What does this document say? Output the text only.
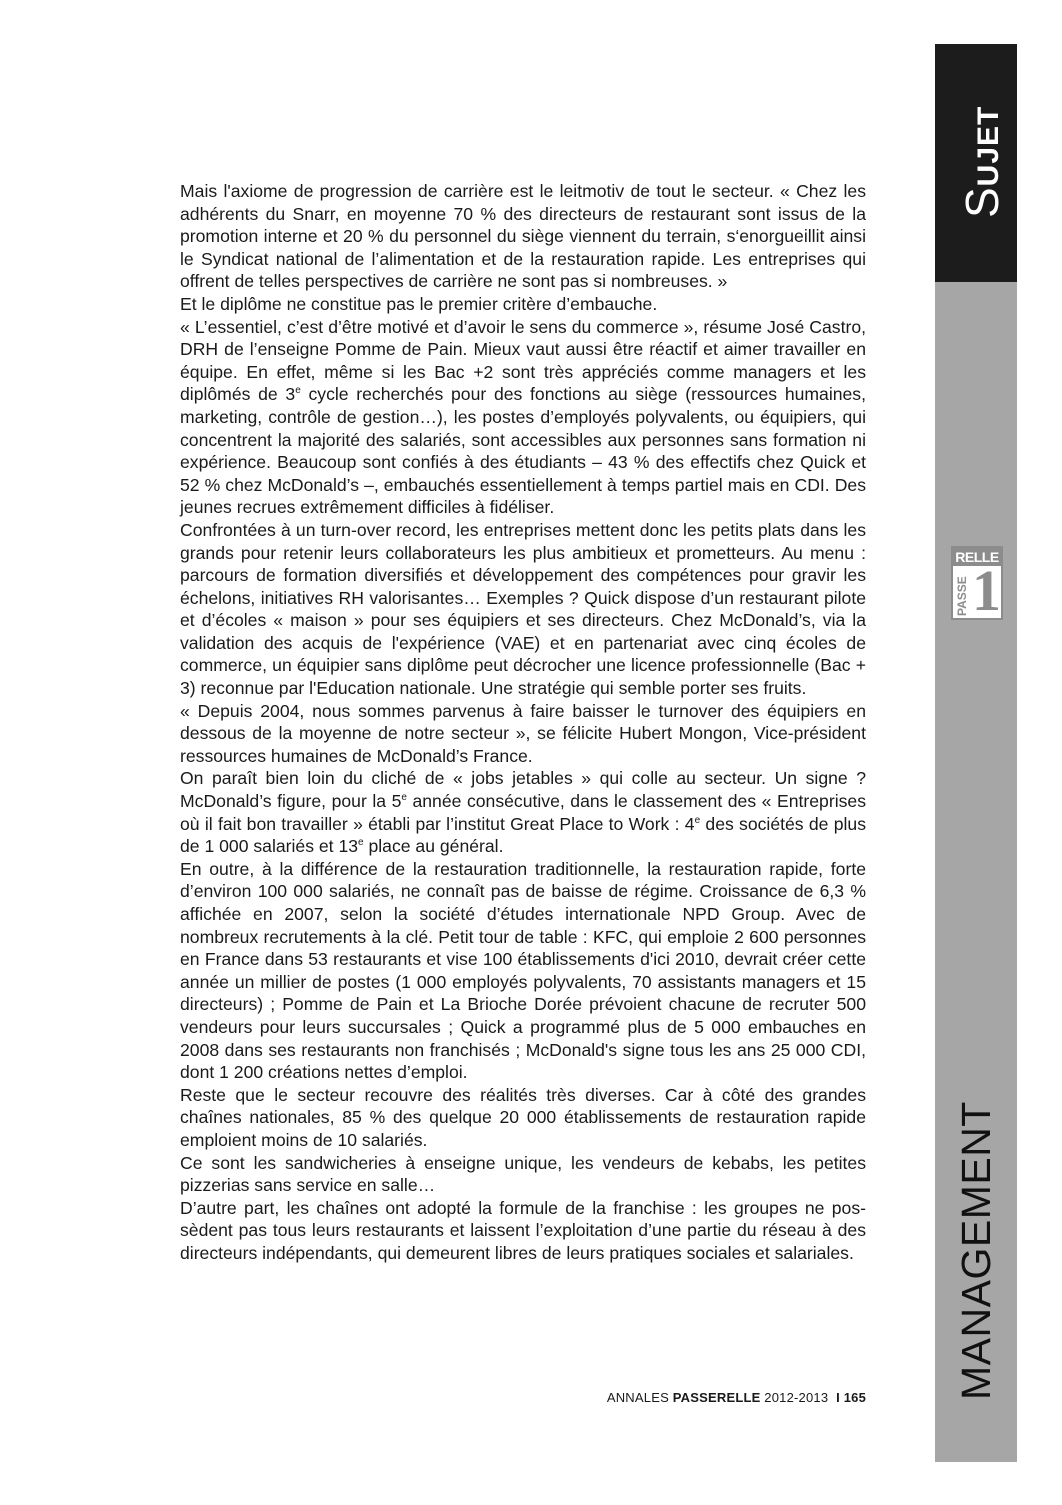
Mais l'axiome de progression de carrière est le leitmotiv de tout le secteur. « Chez les adhérents du Snarr, en moyenne 70 % des directeurs de restaurant sont issus de la promotion interne et 20 % du personnel du siège viennent du terrain, s‘enorgueillit ainsi le Syndicat national de l’alimentation et de la restauration rapide. Les entreprises qui offrent de telles perspectives de carrière ne sont pas si nombreuses. »

Et le diplôme ne constitue pas le premier critère d’embauche.

« L’essentiel, c’est d’être motivé et d’avoir le sens du commerce », résume José Castro, DRH de l’enseigne Pomme de Pain. Mieux vaut aussi être réactif et aimer travailler en équipe. En effet, même si les Bac +2 sont très appréciés comme managers et les diplômés de 3e cycle recherchés pour des fonctions au siège (ressources humaines, marketing, contrôle de gestion…), les postes d’employés polyvalents, ou équipiers, qui concentrent la majorité des salariés, sont accessibles aux personnes sans formation ni expérience. Beaucoup sont confiés à des étudiants – 43 % des effectifs chez Quick et 52 % chez McDonald’s –, embauchés essentiellement à temps partiel mais en CDI. Des jeunes recrues extrêmement difficiles à fidéliser.

Confrontées à un turn-over record, les entreprises mettent donc les petits plats dans les grands pour retenir leurs collaborateurs les plus ambitieux et prometteurs. Au menu : parcours de formation diversifiés et développement des compétences pour gravir les échelons, initiatives RH valorisantes… Exemples ? Quick dispose d’un restaurant pilote et d’écoles « maison » pour ses équipiers et ses directeurs. Chez McDonald’s, via la validation des acquis de l'expérience (VAE) et en partenariat avec cinq écoles de commerce, un équipier sans diplôme peut décrocher une licence professionnelle (Bac + 3) reconnue par l'Education nationale. Une stratégie qui semble porter ses fruits.

« Depuis 2004, nous sommes parvenus à faire baisser le turnover des équipiers en dessous de la moyenne de notre secteur », se félicite Hubert Mongon, Vice-président ressources humaines de McDonald’s France.

On paraît bien loin du cliché de « jobs jetables » qui colle au secteur. Un signe ? McDonald’s figure, pour la 5e année consécutive, dans le classement des « Entreprises où il fait bon travailler » établi par l’institut Great Place to Work : 4e des sociétés de plus de 1 000 salariés et 13e place au général.

En outre, à la différence de la restauration traditionnelle, la restauration rapide, forte d’environ 100 000 salariés, ne connaît pas de baisse de régime. Croissance de 6,3 % affichée en 2007, selon la société d’études internationale NPD Group. Avec de nombreux recrutements à la clé. Petit tour de table : KFC, qui emploie 2 600 personnes en France dans 53 restaurants et vise 100 établissements d'ici 2010, devrait créer cette année un millier de postes (1 000 employés polyvalents, 70 assistants managers et 15 directeurs) ; Pomme de Pain et La Brioche Dorée prévoient chacune de recruter 500 vendeurs pour leurs succursales ; Quick a programmé plus de 5 000 embauches en 2008 dans ses restaurants non franchisés ; McDonald's signe tous les ans 25 000 CDI, dont 1 200 créations nettes d’emploi.

Reste que le secteur recouvre des réalités très diverses. Car à côté des grandes chaînes nationales, 85 % des quelque 20 000 établissements de restauration rapide emploient moins de 10 salariés.

Ce sont les sandwicheries à enseigne unique, les vendeurs de kebabs, les petites pizzerias sans service en salle…

D’autre part, les chaînes ont adopté la formule de la franchise : les groupes ne possèdent pas tous leurs restaurants et laissent l’exploitation d’une partie du réseau à des directeurs indépendants, qui demeurent libres de leurs pratiques sociales et salariales.

ANNALES PASSERELLE 2012-2013 I 165
SUJET
MANAGEMENT
RELLE
PASSE 1
